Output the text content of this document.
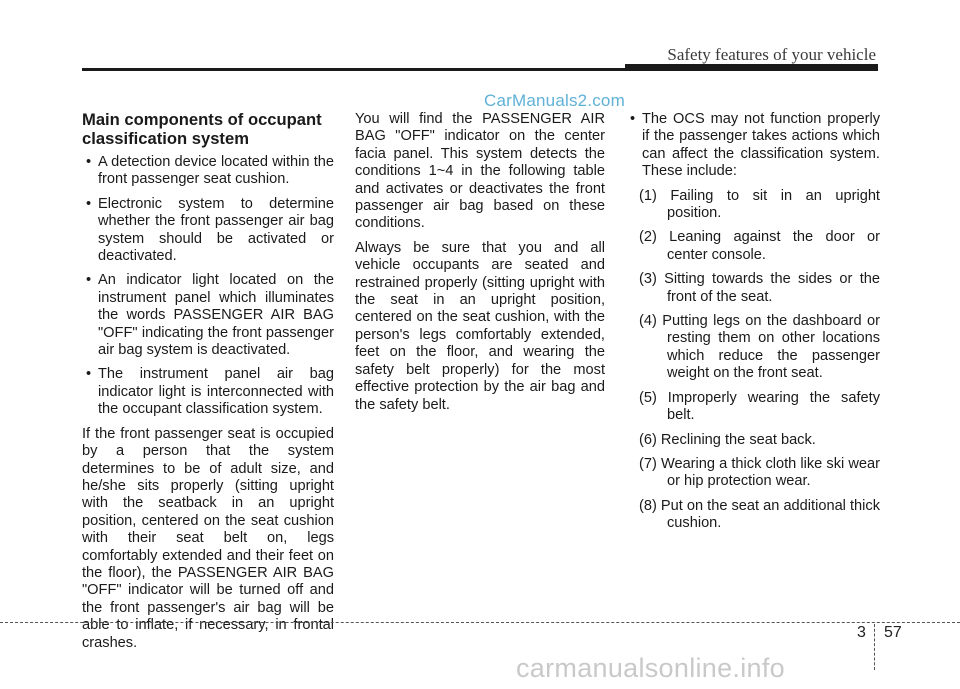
Safety features of your vehicle
CarManuals2.com
Main components of occupant classification system
• A detection device located within the front passenger seat cushion.
• Electronic system to determine whether the front passenger air bag system should be activated or deactivated.
• An indicator light located on the instrument panel which illuminates the words PASSENGER AIR BAG "OFF" indicating the front passenger air bag system is deactivated.
• The instrument panel air bag indicator light is interconnected with the occupant classification system.

If the front passenger seat is occupied by a person that the system determines to be of adult size, and he/she sits properly (sitting upright with the seatback in an upright position, centered on the seat cushion with their seat belt on, legs comfortably extended and their feet on the floor), the PASSENGER AIR BAG "OFF" indicator will be turned off and the front passenger's air bag will be able to inflate, if necessary, in frontal crashes.

You will find the PASSENGER AIR BAG "OFF" indicator on the center facia panel. This system detects the conditions 1~4 in the following table and activates or deactivates the front passenger air bag based on these conditions.

Always be sure that you and all vehicle occupants are seated and restrained properly (sitting upright with the seat in an upright position, centered on the seat cushion, with the person's legs comfortably extended, feet on the floor, and wearing the safety belt properly) for the most effective protection by the air bag and the safety belt.

• The OCS may not function properly if the passenger takes actions which can affect the classification system. These include:
(1) Failing to sit in an upright position.
(2) Leaning against the door or center console.
(3) Sitting towards the sides or the front of the seat.
(4) Putting legs on the dashboard or resting them on other locations which reduce the passenger weight on the front seat.
(5) Improperly wearing the safety belt.
(6) Reclining the seat back.
(7) Wearing a thick cloth like ski wear or hip protection wear.
(8) Put on the seat an additional thick cushion.
3 57
carmanualsonline.info
